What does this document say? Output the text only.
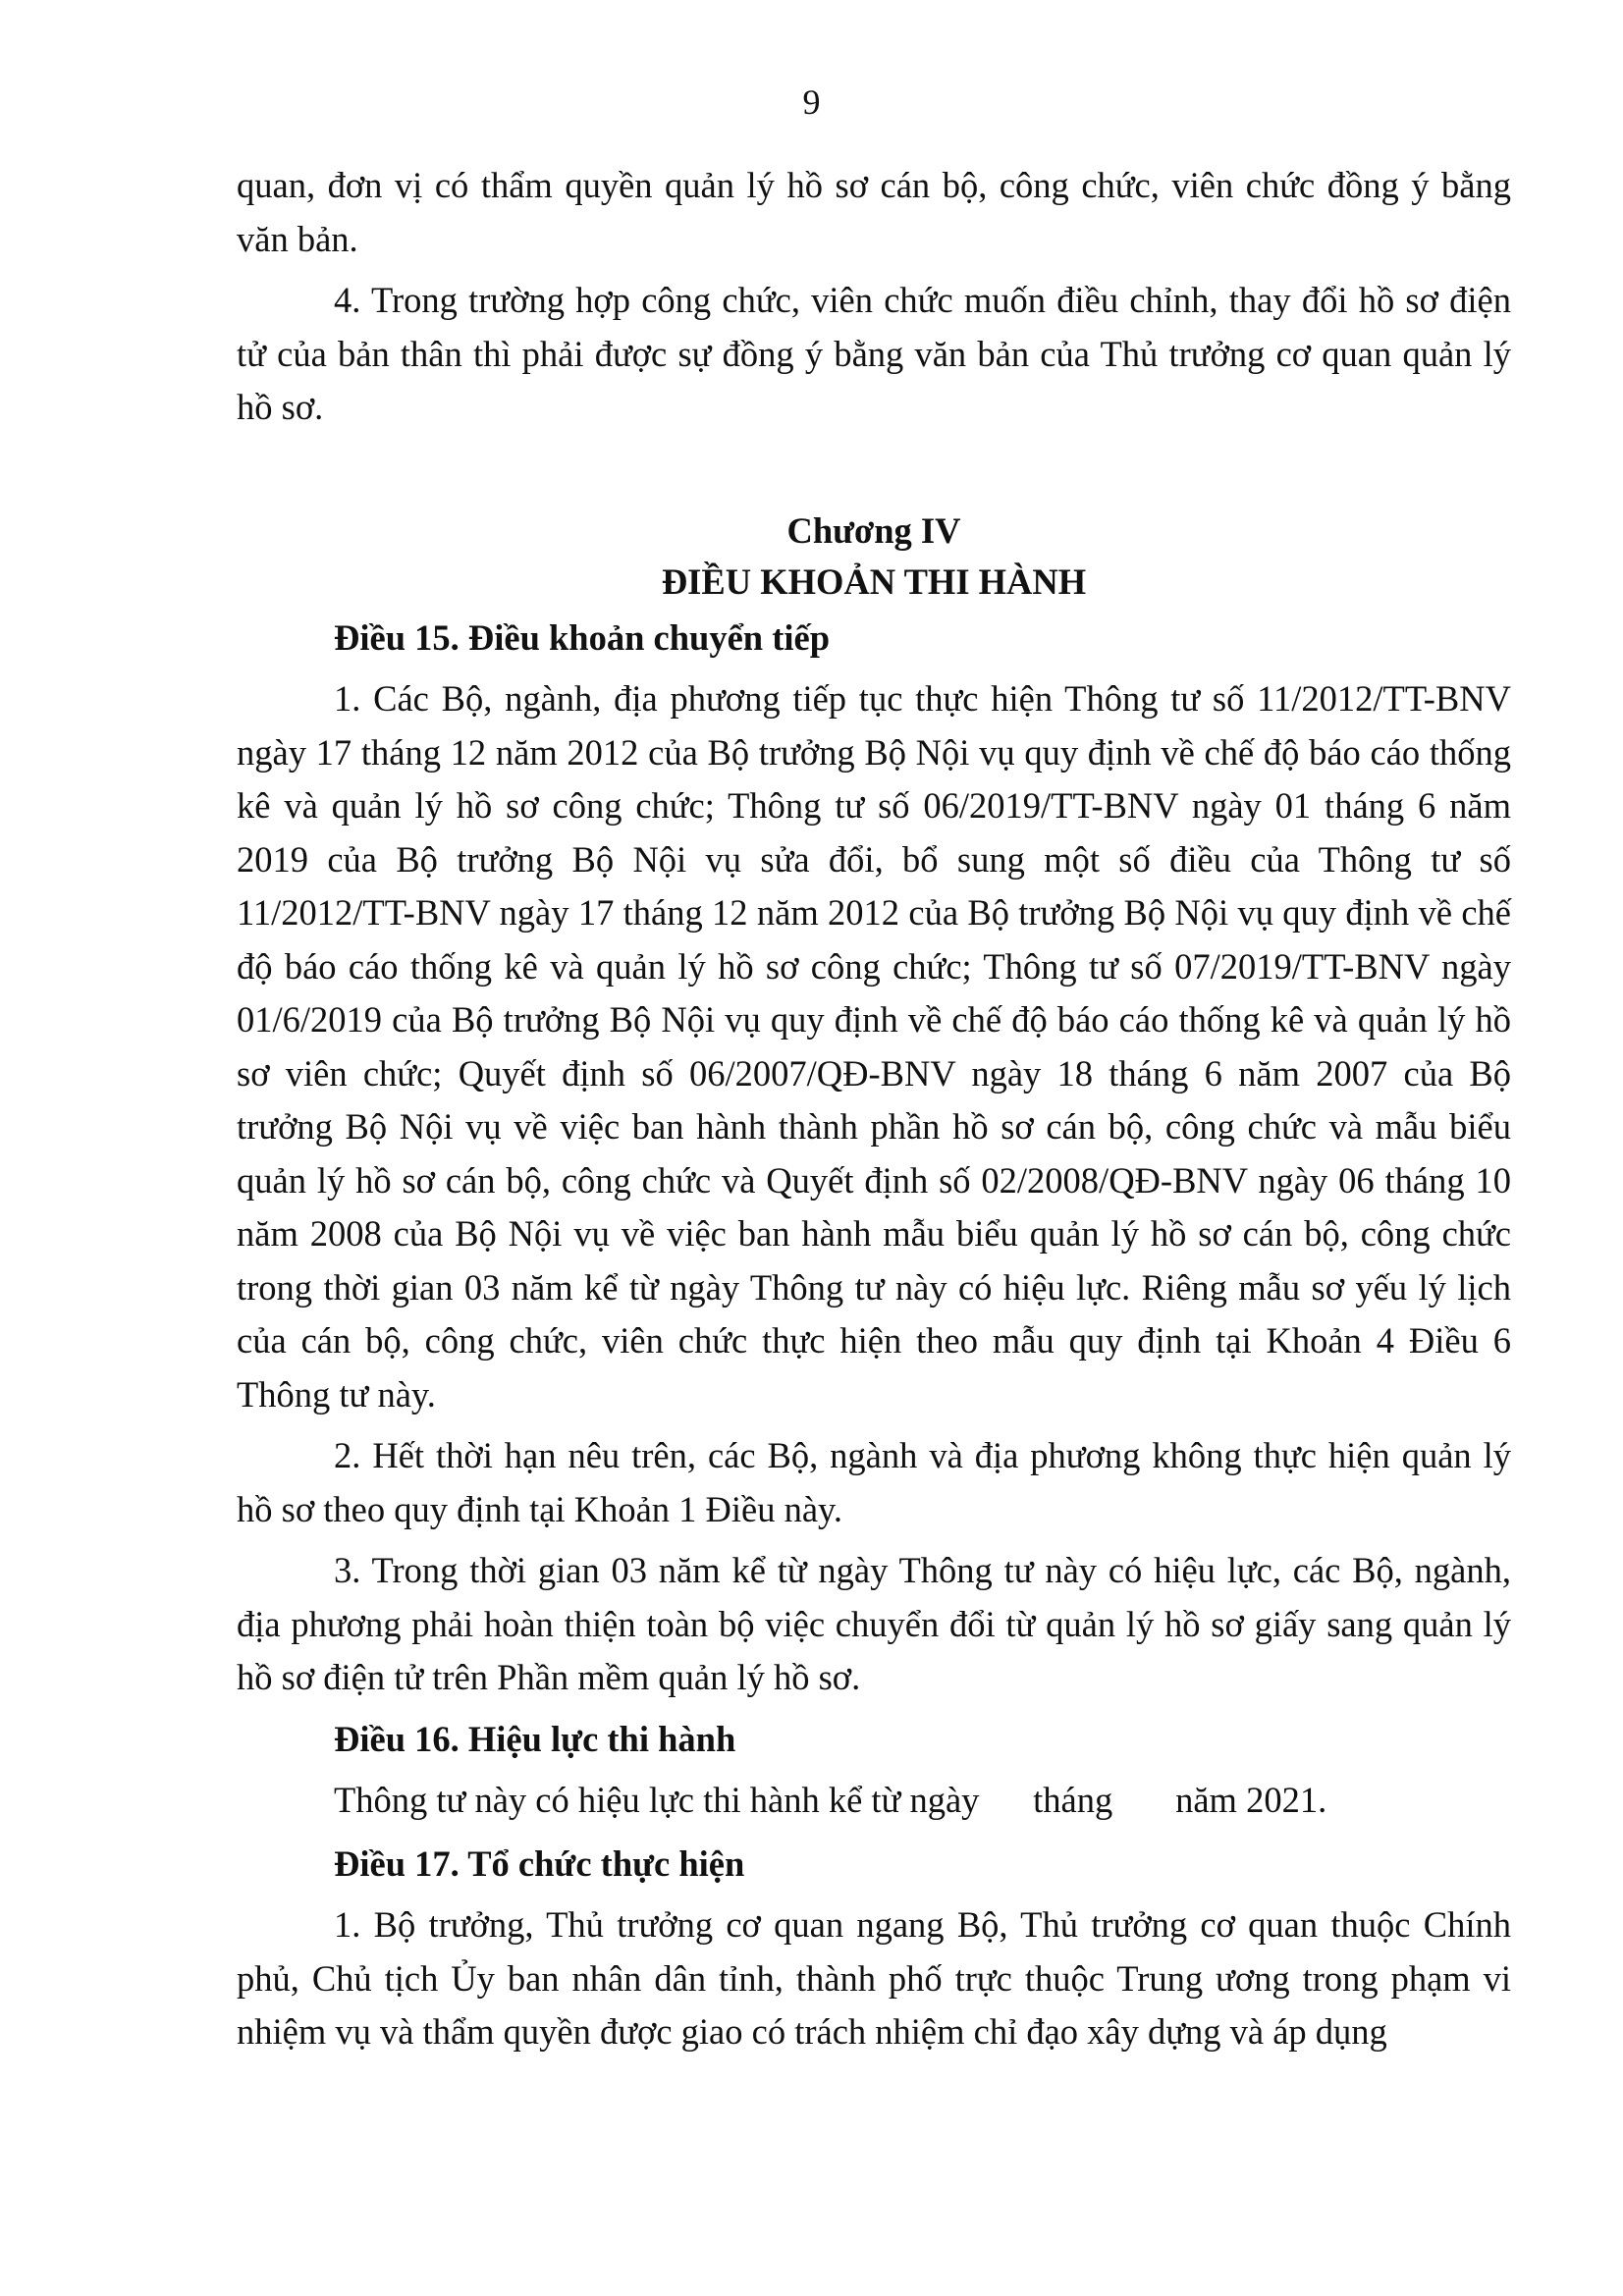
9

quan, đơn vị có thẩm quyền quản lý hồ sơ cán bộ, công chức, viên chức đồng ý bằng văn bản.

4. Trong trường hợp công chức, viên chức muốn điều chỉnh, thay đổi hồ sơ điện tử của bản thân thì phải được sự đồng ý bằng văn bản của Thủ trưởng cơ quan quản lý hồ sơ.

Chương IV
ĐIỀU KHOẢN THI HÀNH

Điều 15. Điều khoản chuyển tiếp

1. Các Bộ, ngành, địa phương tiếp tục thực hiện Thông tư số 11/2012/TT-BNV ngày 17 tháng 12 năm 2012 của Bộ trưởng Bộ Nội vụ quy định về chế độ báo cáo thống kê và quản lý hồ sơ công chức; Thông tư số 06/2019/TT-BNV ngày 01 tháng 6 năm 2019 của Bộ trưởng Bộ Nội vụ sửa đổi, bổ sung một số điều của Thông tư số 11/2012/TT-BNV ngày 17 tháng 12 năm 2012 của Bộ trưởng Bộ Nội vụ quy định về chế độ báo cáo thống kê và quản lý hồ sơ công chức; Thông tư số 07/2019/TT-BNV ngày 01/6/2019 của Bộ trưởng Bộ Nội vụ quy định về chế độ báo cáo thống kê và quản lý hồ sơ viên chức; Quyết định số 06/2007/QĐ-BNV ngày 18 tháng 6 năm 2007 của Bộ trưởng Bộ Nội vụ về việc ban hành thành phần hồ sơ cán bộ, công chức và mẫu biểu quản lý hồ sơ cán bộ, công chức và Quyết định số 02/2008/QĐ-BNV ngày 06 tháng 10 năm 2008 của Bộ Nội vụ về việc ban hành mẫu biểu quản lý hồ sơ cán bộ, công chức trong thời gian 03 năm kể từ ngày Thông tư này có hiệu lực. Riêng mẫu sơ yếu lý lịch của cán bộ, công chức, viên chức thực hiện theo mẫu quy định tại Khoản 4 Điều 6 Thông tư này.

2. Hết thời hạn nêu trên, các Bộ, ngành và địa phương không thực hiện quản lý hồ sơ theo quy định tại Khoản 1 Điều này.

3. Trong thời gian 03 năm kể từ ngày Thông tư này có hiệu lực, các Bộ, ngành, địa phương phải hoàn thiện toàn bộ việc chuyển đổi từ quản lý hồ sơ giấy sang quản lý hồ sơ điện tử trên Phần mềm quản lý hồ sơ.

Điều 16. Hiệu lực thi hành

Thông tư này có hiệu lực thi hành kể từ ngày      tháng       năm 2021.

Điều 17. Tổ chức thực hiện

1. Bộ trưởng, Thủ trưởng cơ quan ngang Bộ, Thủ trưởng cơ quan thuộc Chính phủ, Chủ tịch Ủy ban nhân dân tỉnh, thành phố trực thuộc Trung ương trong phạm vi nhiệm vụ và thẩm quyền được giao có trách nhiệm chỉ đạo xây dựng và áp dụng
